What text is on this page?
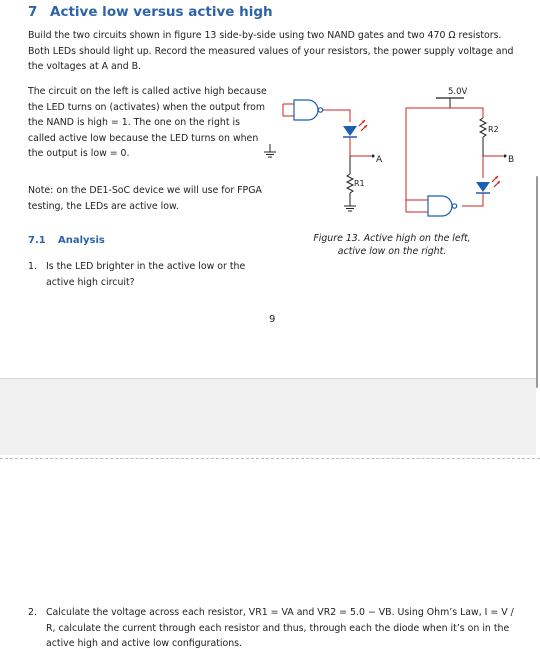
7 Active low versus active high
Build the two circuits shown in figure 13 side-by-side using two NAND gates and two 470 Ω resistors. Both LEDs should light up. Record the measured values of your resistors, the power supply voltage and the voltages at A and B.
The circuit on the left is called active high because the LED turns on (activates) when the output from the NAND is high = 1. The one on the right is called active low because the LED turns on when the output is low = 0.
Note: on the DE1-SoC device we will use for FPGA testing, the LEDs are active low.
A
R1
5.0V
R2
B
Figure 13. Active high on the left,
active low on the right.
7.1 Analysis
1. Is the LED brighter in the active low or the active high circuit?
9
2. Calculate the voltage across each resistor, VR1 = VA and VR2 = 5.0 − VB. Using Ohm’s Law, I = V / R, calculate the current through each resistor and thus, through each the diode when it’s on in the active high and active low configurations.
